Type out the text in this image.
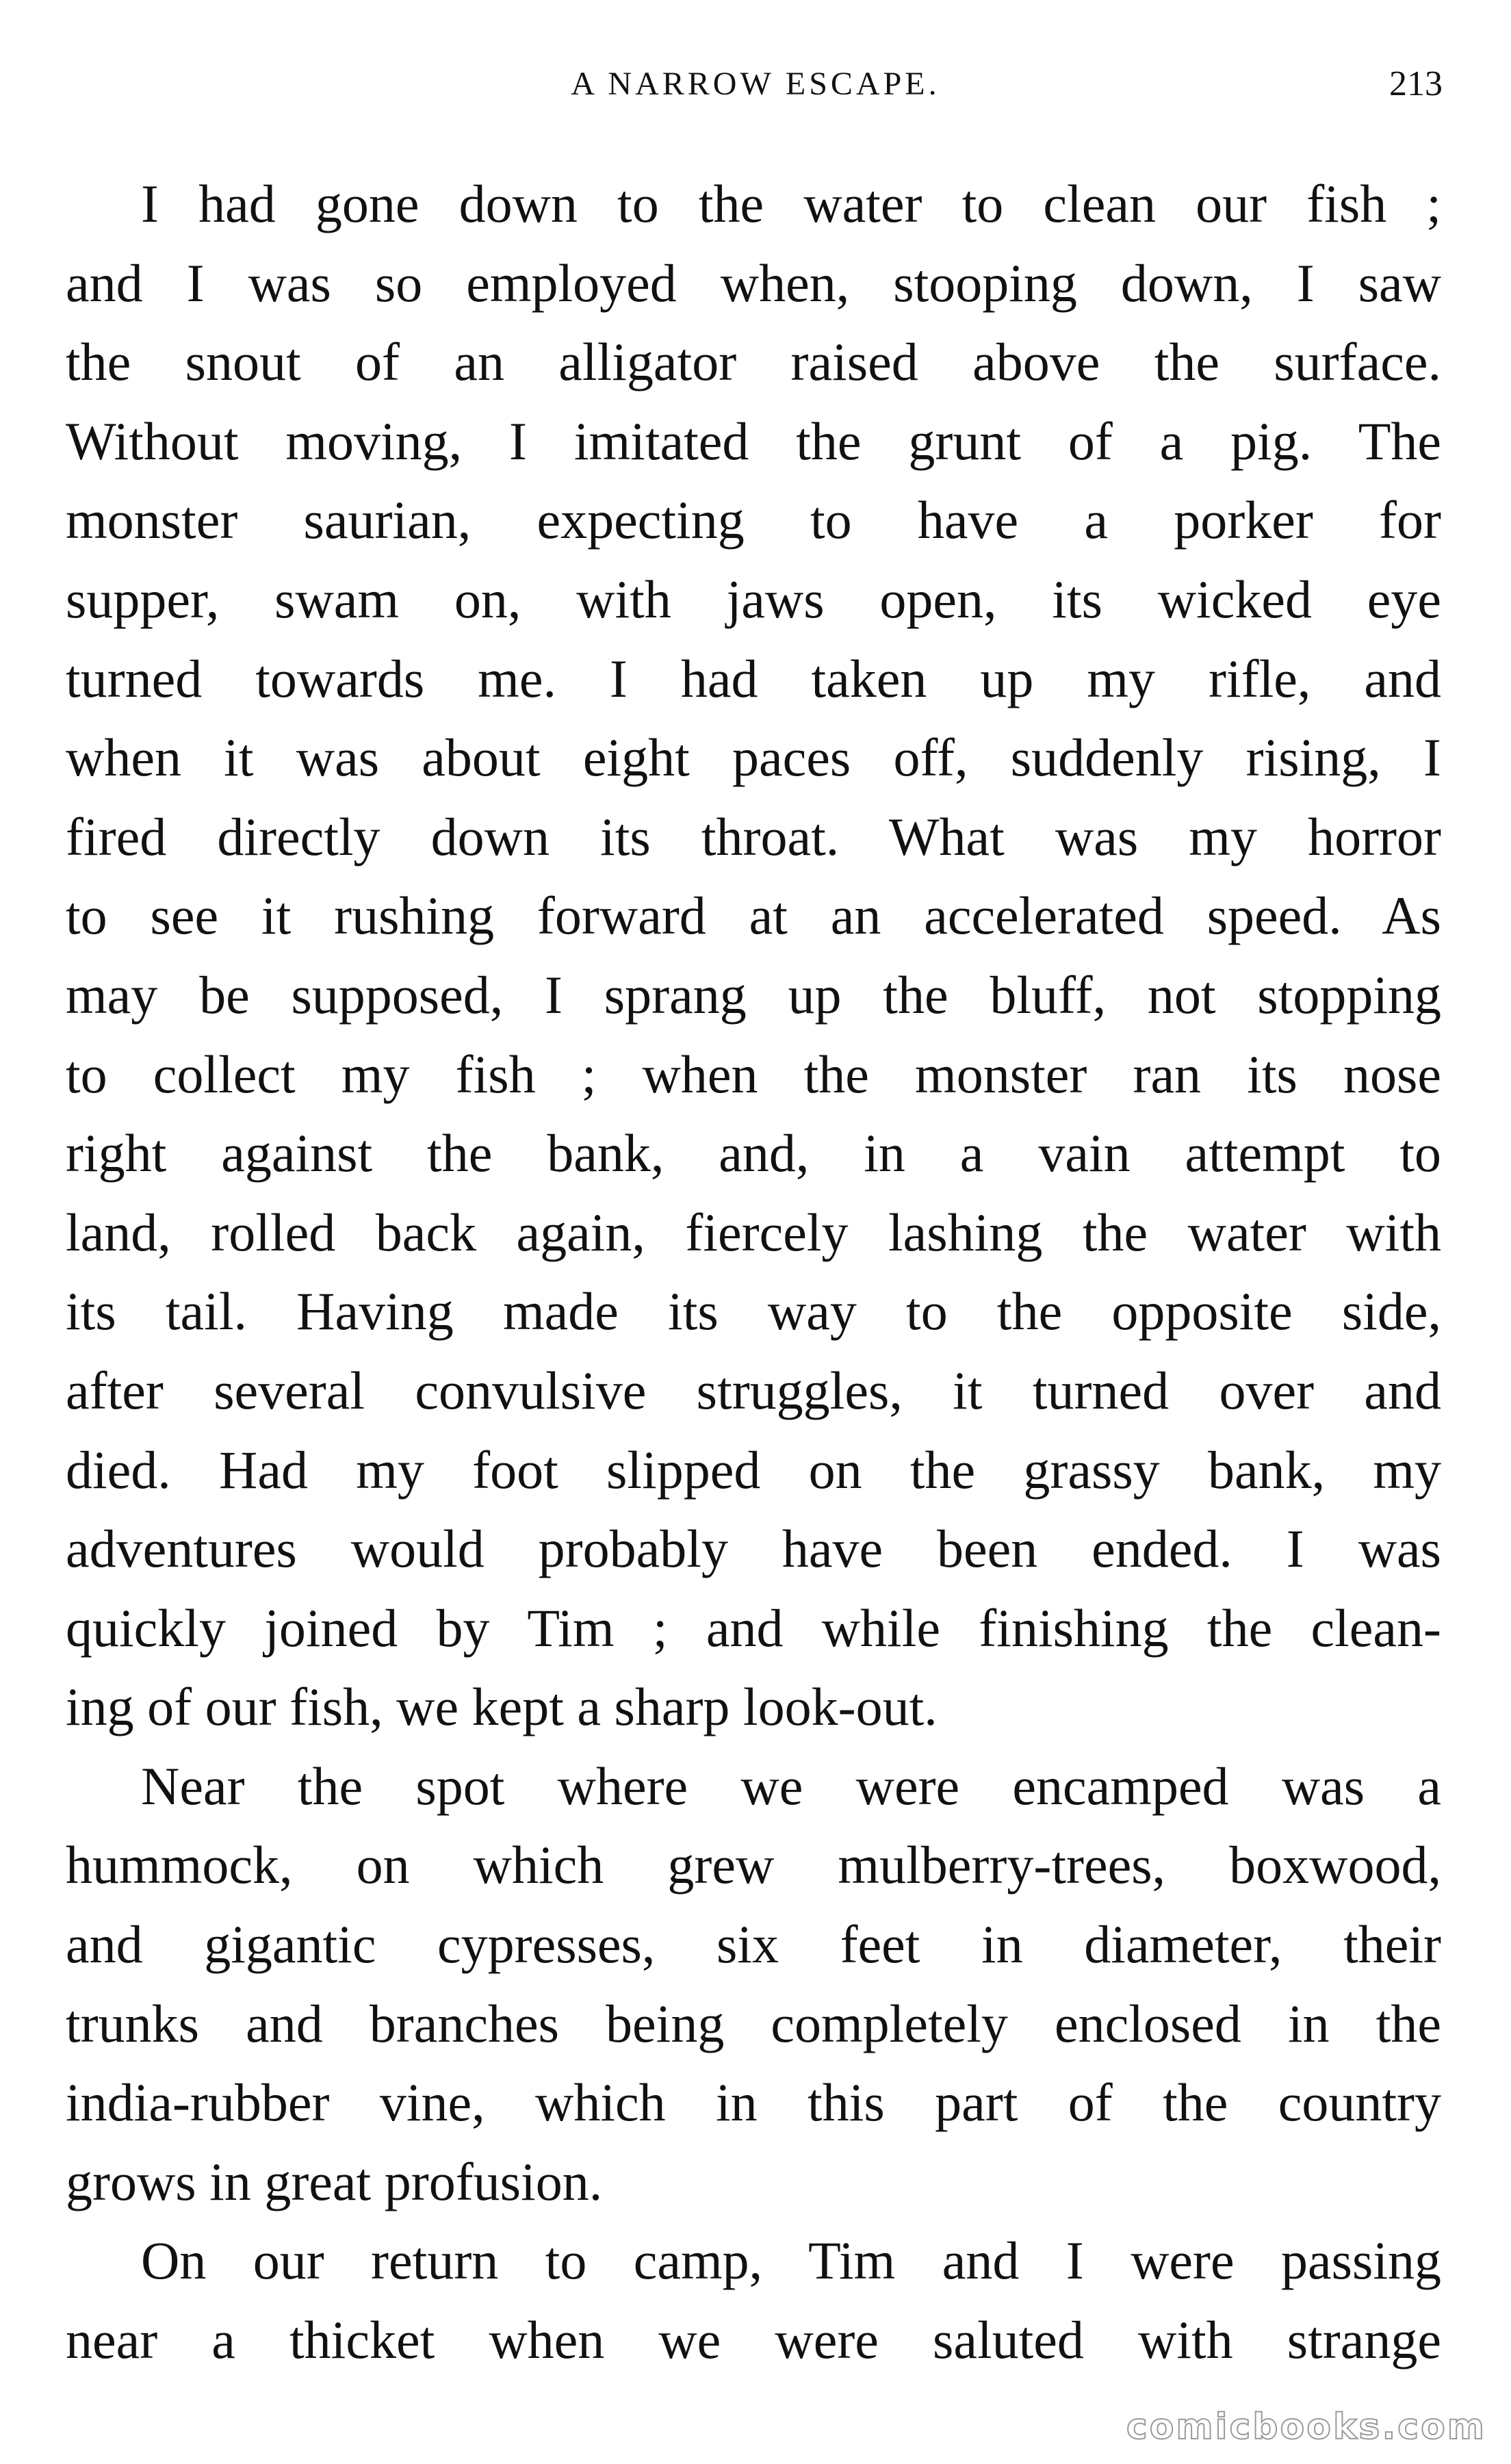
A NARROW ESCAPE.	213
I had gone down to the water to clean our fish ;
and I was so employed when, stooping down, I saw
the snout of an alligator raised above the surface.
Without moving, I imitated the grunt of a pig. The
monster saurian, expecting to have a porker for
supper, swam on, with jaws open, its wicked eye
turned towards me. I had taken up my rifle, and
when it was about eight paces off, suddenly rising, I
fired directly down its throat. What was my horror
to see it rushing forward at an accelerated speed. As
may be supposed, I sprang up the bluff, not stopping
to collect my fish ; when the monster ran its nose
right against the bank, and, in a vain attempt to
land, rolled back again, fiercely lashing the water with
its tail. Having made its way to the opposite side,
after several convulsive struggles, it turned over and
died. Had my foot slipped on the grassy bank, my
adventures would probably have been ended. I was
quickly joined by Tim ; and while finishing the clean-
ing of our fish, we kept a sharp look-out.
Near the spot where we were encamped was a
hummock, on which grew mulberry-trees, boxwood,
and gigantic cypresses, six feet in diameter, their
trunks and branches being completely enclosed in the
india-rubber vine, which in this part of the country
grows in great profusion.
On our return to camp, Tim and I were passing
near a thicket when we were saluted with strange
comicbooks.com
